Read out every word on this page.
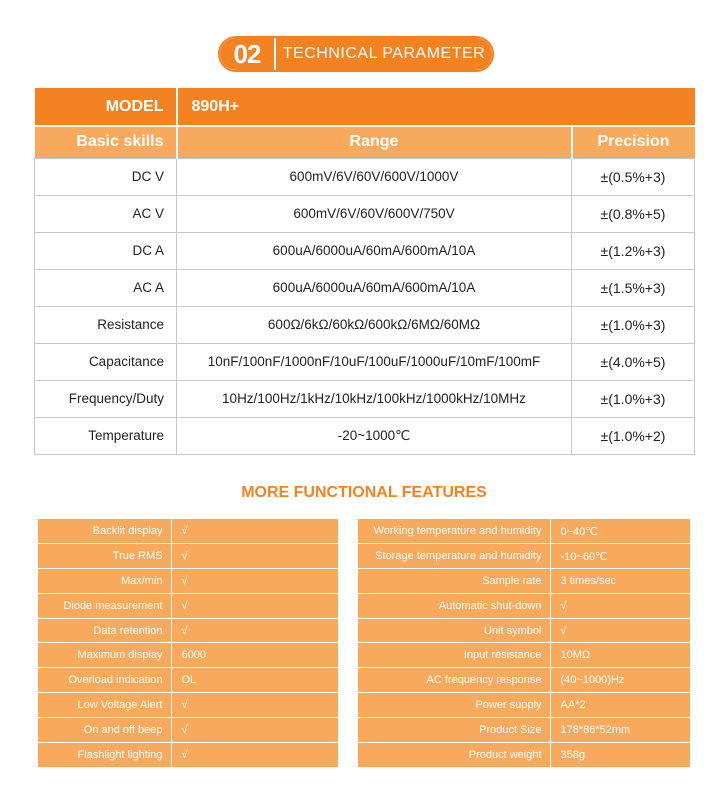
02	TECHNICAL PARAMETER
MODEL	890H+	
Basic skills	Range	Precision
DC V	600mV/6V/60V/600V/1000V	±(0.5%+3)
AC V	600mV/6V/60V/600V/750V	±(0.8%+5)
DC A	600uA/6000uA/60mA/600mA/10A	±(1.2%+3)
AC A	600uA/6000uA/60mA/600mA/10A	±(1.5%+3)
Resistance	600Ω/6kΩ/60kΩ/600kΩ/6MΩ/60MΩ	±(1.0%+3)
Capacitance	10nF/100nF/1000nF/10uF/100uF/1000uF/10mF/100mF	±(4.0%+5)
Frequency/Duty	10Hz/100Hz/1kHz/10kHz/100kHz/1000kHz/10MHz	±(1.0%+3)
Temperature	-20~1000℃	±(1.0%+2)
MORE FUNCTIONAL FEATURES
Backlit display	√
True RMS	√
Max/min	√
Diode measurement	√
Data retention	√
Maximum display	6000
Overload indication	OL
Low Voltage Alert	√
On and off beep	√
Flashlight lighting	√
Working temperature and humidity	0~40℃
Storage temperature and humidity	-10~60℃
Sample rate	3 times/sec
Automatic shut-down	√
Unit symbol	√
Input resistance	10MΩ
AC frequency response	(40~1000)Hz
Power supply	AA*2
Product Size	178*86*52mm
Product weight	358g
